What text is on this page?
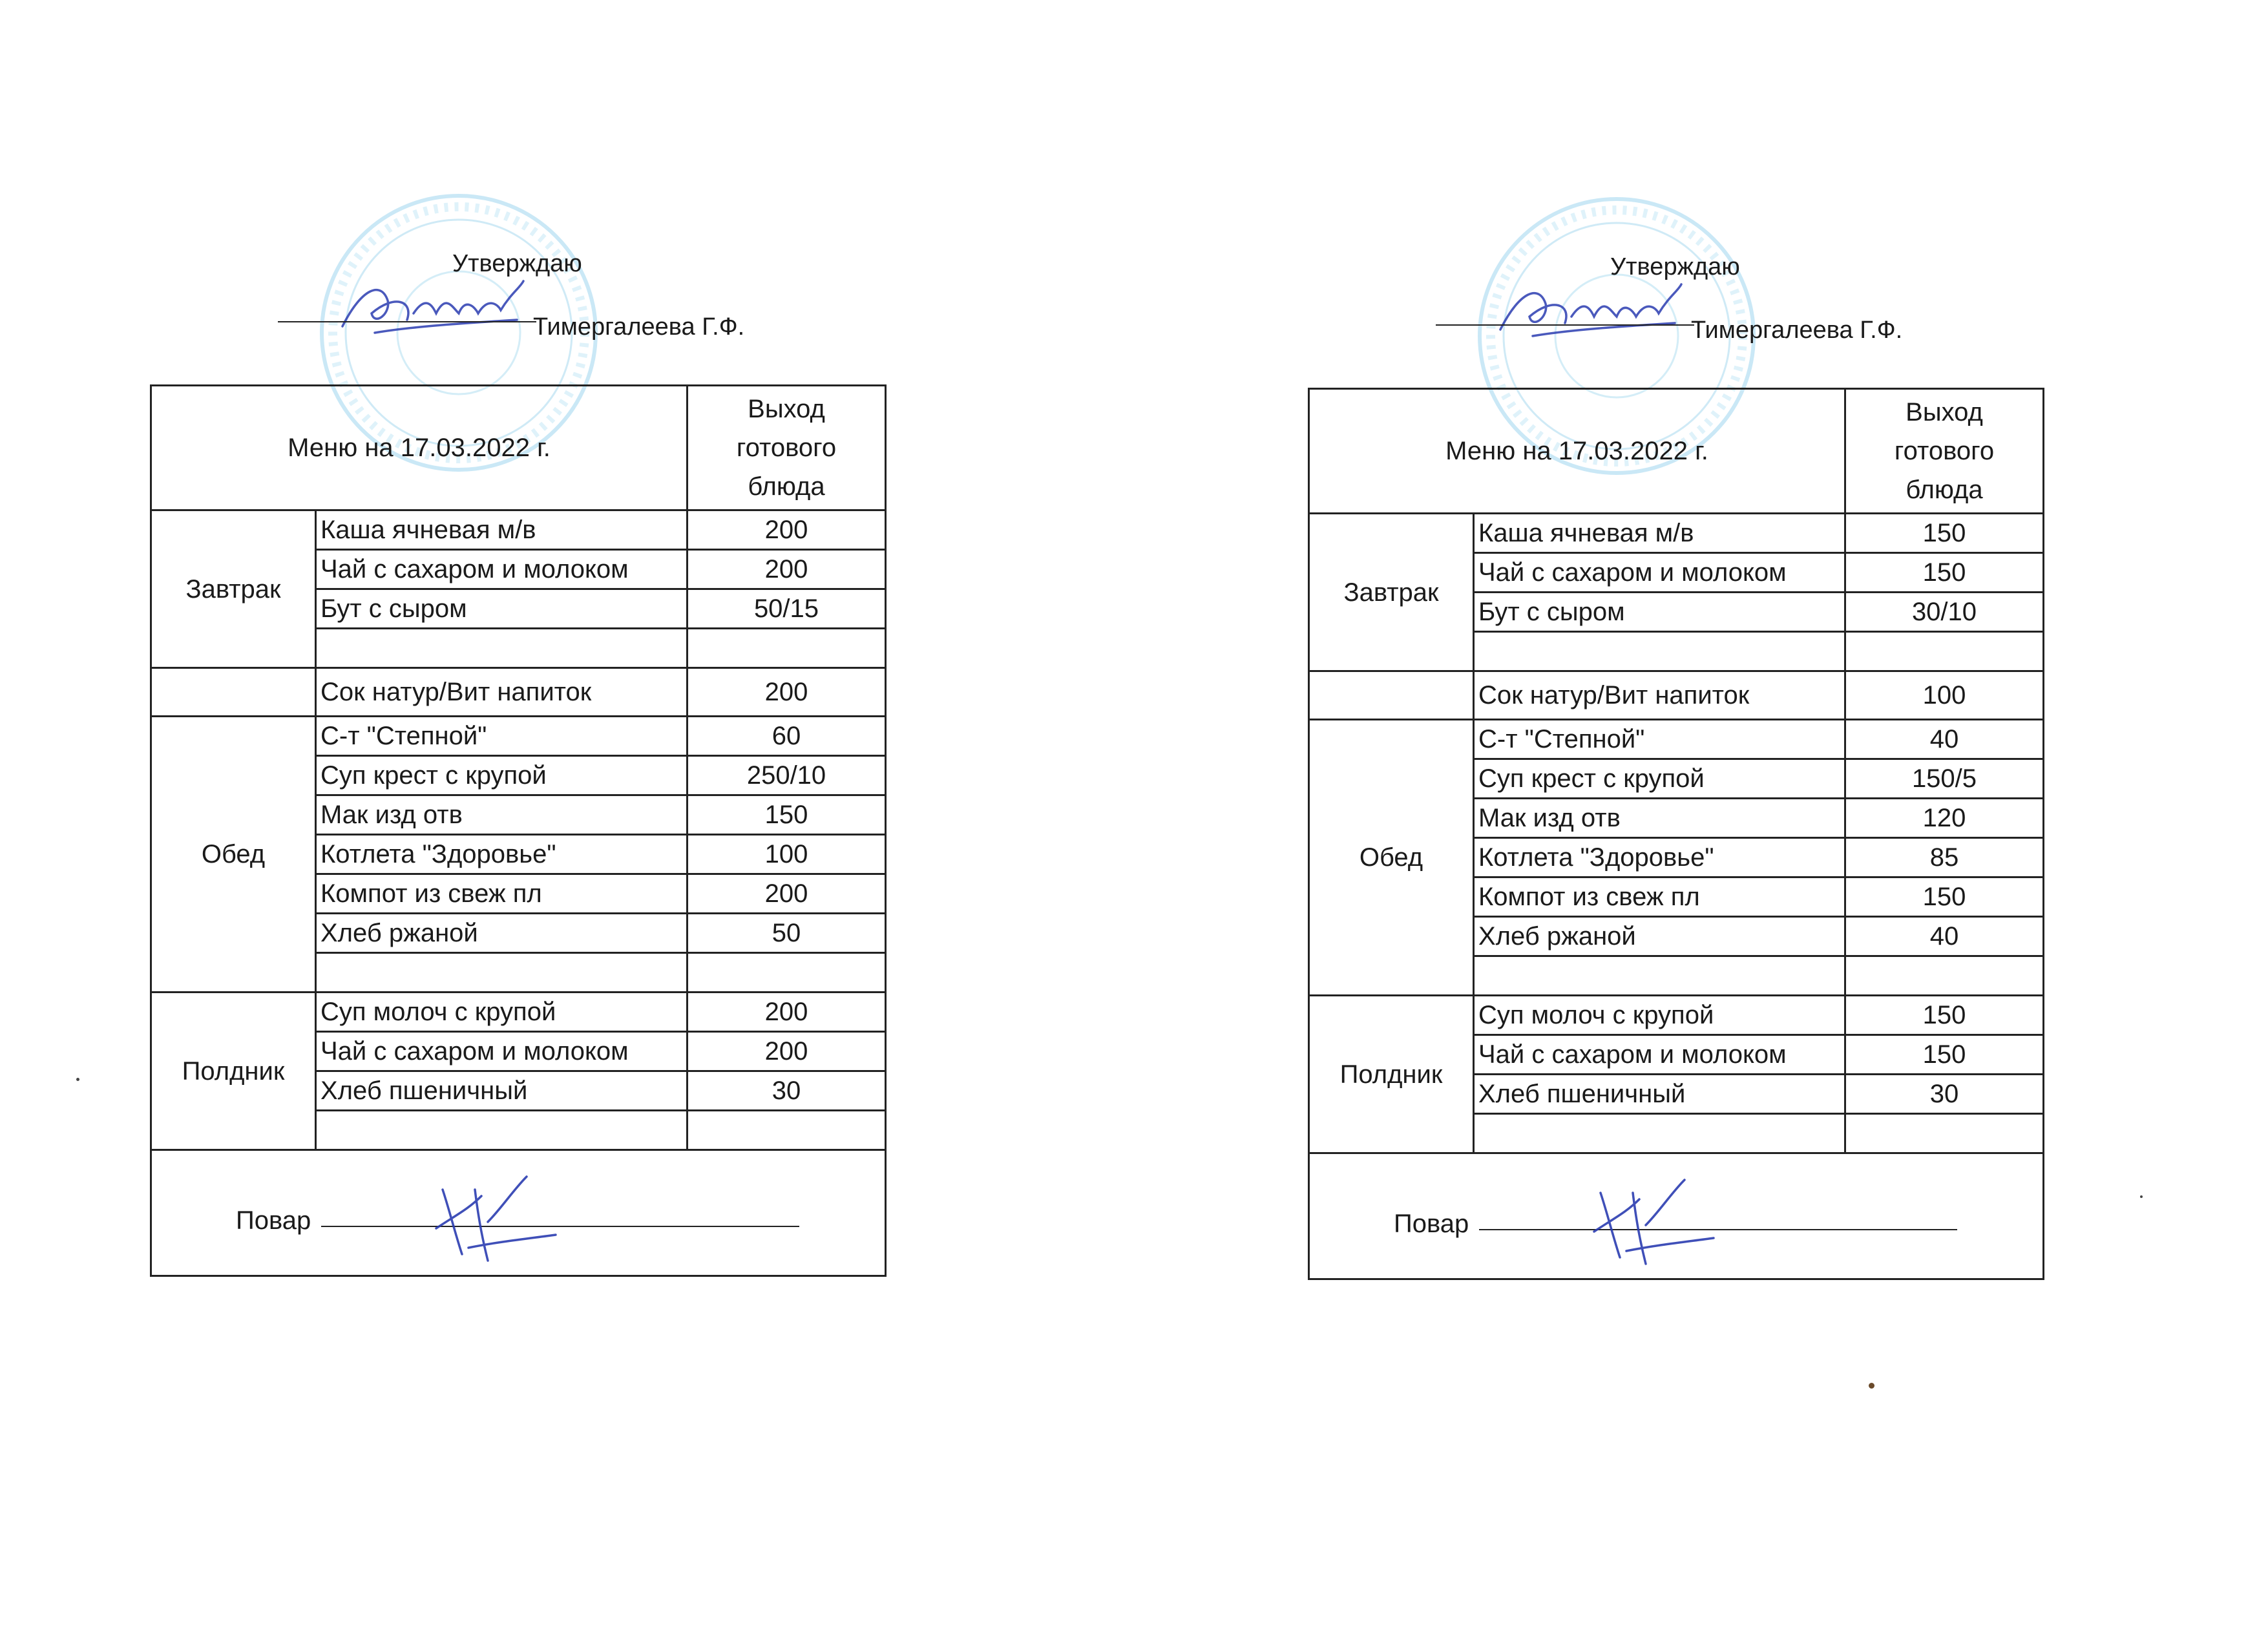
Утверждаю
Тимергалеева Г.Ф.
Меню на 17.03.2022 г.		Выход
готового
блюда

Завтрак	Каша ячневая м/в	200
	Чай с сахаром и молоком	200
	Бут с сыром	50/15

	Сок натур/Вит напиток	200
Обед	С-т "Степной"	60
	Суп крест с крупой	250/10
	Мак изд отв	150
	Котлета "Здоровье"	100
	Компот из свеж пл	200
	Хлеб ржаной	50

Полдник	Суп молоч с крупой	200
	Чай с сахаром и молоком	200
	Хлеб пшеничный	30

Повар		
Утверждаю
Тимергалеева Г.Ф.
Меню на 17.03.2022 г.		Выход
готового
блюда

Завтрак	Каша ячневая м/в	150
	Чай с сахаром и молоком	150
	Бут с сыром	30/10

	Сок натур/Вит напиток	100
Обед	С-т "Степной"	40
	Суп крест с крупой	150/5
	Мак изд отв	120
	Котлета "Здоровье"	85
	Компот из свеж пл	150
	Хлеб ржаной	40

Полдник	Суп молоч с крупой	150
	Чай с сахаром и молоком	150
	Хлеб пшеничный	30

Повар		
